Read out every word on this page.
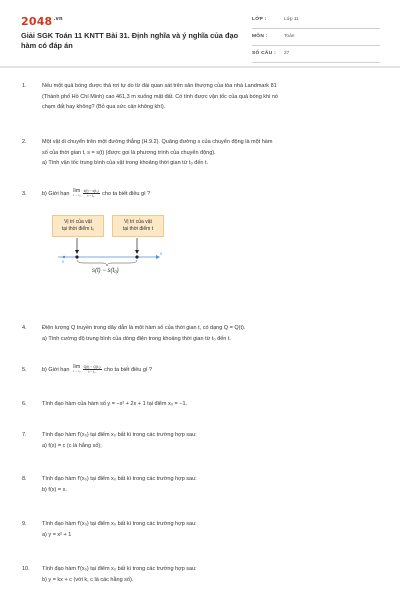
$2048^{.vn}$
Giải SGK Toán 11 KNTT Bài 31. Định nghĩa và ý nghĩa của đạo hàm có đáp án
LỚP :	Lớp 11
MÔN :	Toán
SỐ CÂU : 27
1.	Nếu một quả bóng được thả rơi tự do từ đài quan sát trên sân thượng của tòa nhà Landmark 81
(Thành phố Hồ Chí Minh) cao 461,3 m xuống mặt đất. Có tính được vận tốc của quả bóng khi nó
chạm đất hay không? (Bỏ qua sức cản không khí).
2.	Một vật di chuyển trên một đường thẳng (H.9.2). Quãng đường s của chuyển động là một hàm
số của thời gian t, s = s(t) (được gọi là phương trình của chuyển động).
a) Tính vận tốc trung bình của vật trong khoảng thời gian từ t₀ đến t.
3.	b) Giới hạn lim
$t \to t_0 \frac{\text{s(t) − s(t₀)}}{\text{t − t₀}}$ cho ta biết điều gì ?
Vị trí của vật
tại thời điểm t₀
Vị trí của vật
tại thời điểm t
0
s
s(t) − s(t₀)
4.	Điện lượng Q truyền trong dây dẫn là một hàm số của thời gian t, có dạng Q = Q(t).
a) Tính cường độ trung bình của dòng điện trong khoảng thời gian từ t₀ đến t.
5.	b) Giới hạn lim
$t \to t_0 \frac{\text{Q(t) − Q(t₀)}}{\text{t − t₀}}$ cho ta biết điều gì ?
6.	Tính đạo hàm của hàm số y = −x² + 2x + 1 tại điểm x₀ = −1.
7.	Tính đạo hàm f'(x₀) tại điểm x₀ bất kì trong các trường hợp sau:
a) f(x) = c (c là hằng số);
8.	Tính đạo hàm f'(x₀) tại điểm x₀ bất kì trong các trường hợp sau:
b) f(x) = x.
9.	Tính đạo hàm f'(x₀) tại điểm x₀ bất kì trong các trường hợp sau:
a) y = x² + 1
10.	Tính đạo hàm f'(x₀) tại điểm x₀ bất kì trong các trường hợp sau:
b) y = kx + c (với k, c là các hằng số).
